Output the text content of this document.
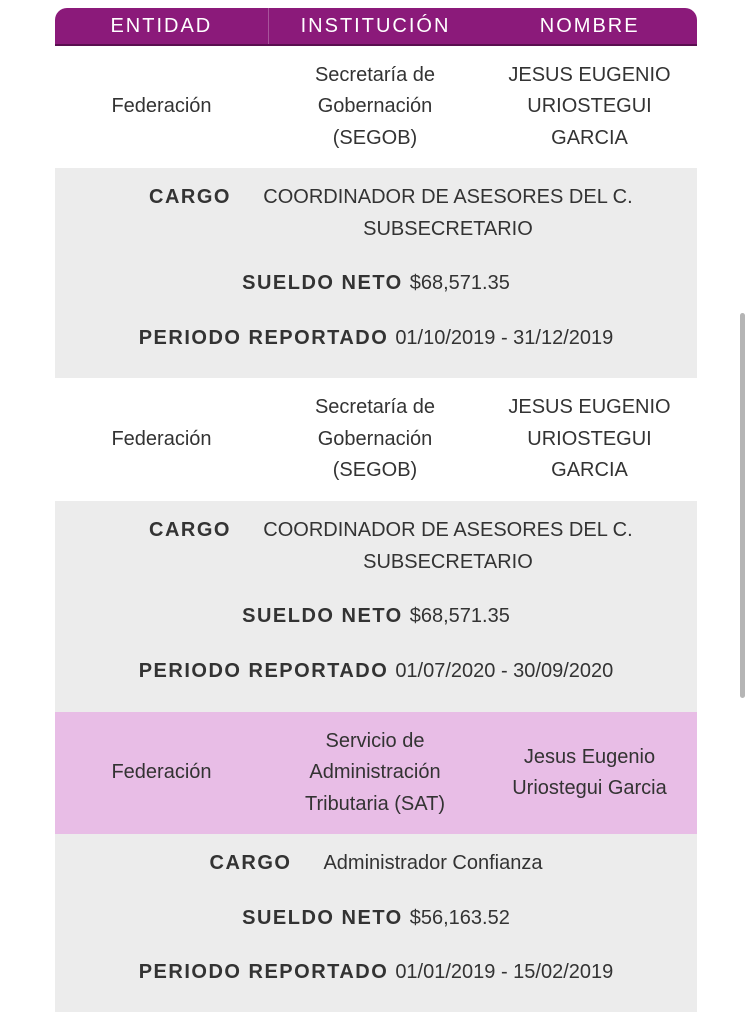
ENTIDAD	INSTITUCIÓN	NOMBRE
Federación
Secretaría de Gobernación (SEGOB)
JESUS EUGENIO URIOSTEGUI GARCIA
CARGO COORDINADOR DE ASESORES DEL C. SUBSECRETARIO
SUELDO NETO $68,571.35
PERIODO REPORTADO 01/10/2019 - 31/12/2019
Federación
Secretaría de Gobernación (SEGOB)
JESUS EUGENIO URIOSTEGUI GARCIA
CARGO COORDINADOR DE ASESORES DEL C. SUBSECRETARIO
SUELDO NETO $68,571.35
PERIODO REPORTADO 01/07/2020 - 30/09/2020
Federación
Servicio de Administración Tributaria (SAT)
Jesus Eugenio Uriostegui Garcia
CARGO Administrador Confianza
SUELDO NETO $56,163.52
PERIODO REPORTADO 01/01/2019 - 15/02/2019
